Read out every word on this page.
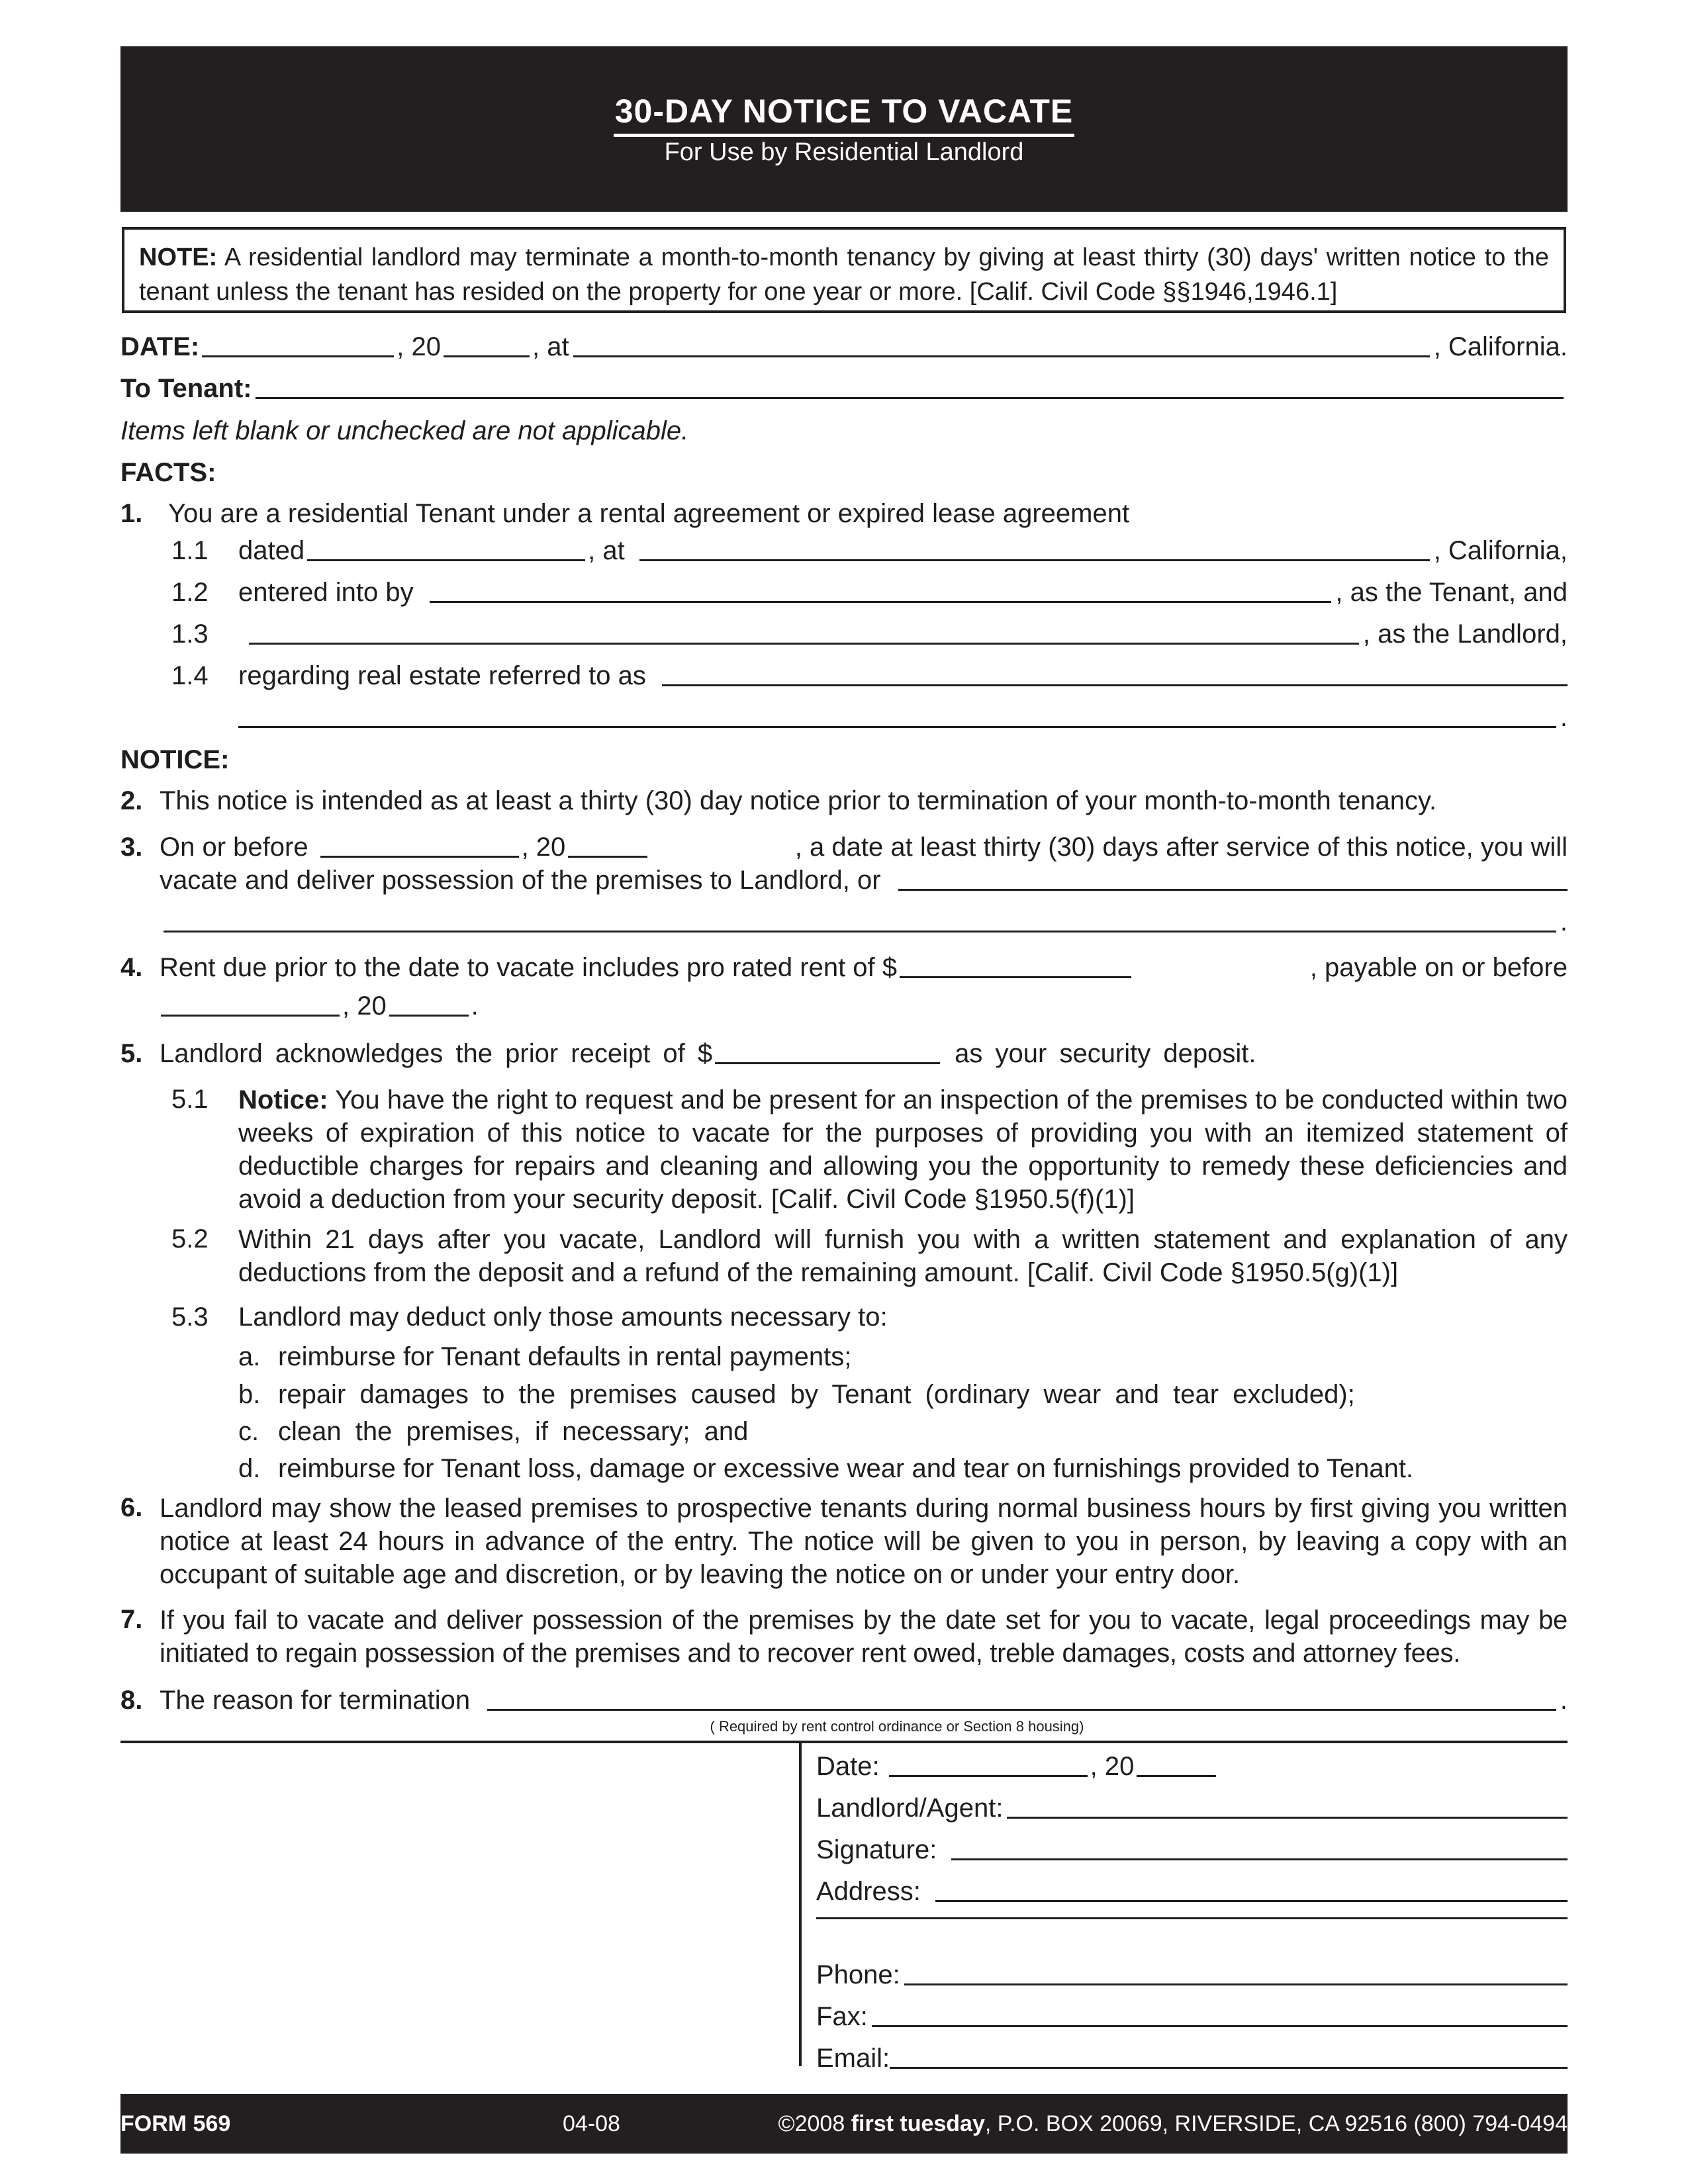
30-DAY NOTICE TO VACATE
For Use by Residential Landlord
NOTE: A residential landlord may terminate a month-to-month tenancy by giving at least thirty (30) days' written notice to the tenant unless the tenant has resided on the property for one year or more. [Calif. Civil Code §§1946,1946.1]
DATE:	, 20	, at	, California.
To Tenant:
Items left blank or unchecked are not applicable.
FACTS:
1. You are a residential Tenant under a rental agreement or expired lease agreement
1.1	dated	, at	, California,
1.2	entered into by	, as the Tenant, and
1.3	, as the Landlord,
1.4	regarding real estate referred to as
.
NOTICE:
2. This notice is intended as at least a thirty (30) day notice prior to termination of your month-to-month tenancy.
3. On or before	, 20	, a date at least thirty (30) days after service of this notice, you will
vacate and deliver possession of the premises to Landlord, or
.
4. Rent due prior to the date to vacate includes pro rated rent of $	, payable on or before
, 20	.
5. Landlord acknowledges the prior receipt of $	as your security deposit.
5.1	Notice: You have the right to request and be present for an inspection of the premises to be conducted within two weeks of expiration of this notice to vacate for the purposes of providing you with an itemized statement of deductible charges for repairs and cleaning and allowing you the opportunity to remedy these deficiencies and avoid a deduction from your security deposit. [Calif. Civil Code §1950.5(f)(1)]
5.2	Within 21 days after you vacate, Landlord will furnish you with a written statement and explanation of any deductions from the deposit and a refund of the remaining amount. [Calif. Civil Code §1950.5(g)(1)]
5.3	Landlord may deduct only those amounts necessary to:
a. reimburse for Tenant defaults in rental payments;
b. repair damages to the premises caused by Tenant (ordinary wear and tear excluded);
c. clean the premises, if necessary; and
d. reimburse for Tenant loss, damage or excessive wear and tear on furnishings provided to Tenant.
6. Landlord may show the leased premises to prospective tenants during normal business hours by first giving you written notice at least 24 hours in advance of the entry. The notice will be given to you in person, by leaving a copy with an occupant of suitable age and discretion, or by leaving the notice on or under your entry door.
7. If you fail to vacate and deliver possession of the premises by the date set for you to vacate, legal proceedings may be initiated to regain possession of the premises and to recover rent owed, treble damages, costs and attorney fees.
8. The reason for termination	.
( Required by rent control ordinance or Section 8 housing)
Date:	, 20
Landlord/Agent:
Signature:
Address:
Phone:
Fax:
Email:
FORM 569	04-08	©2008 first tuesday, P.O. BOX 20069, RIVERSIDE, CA 92516 (800) 794-0494
